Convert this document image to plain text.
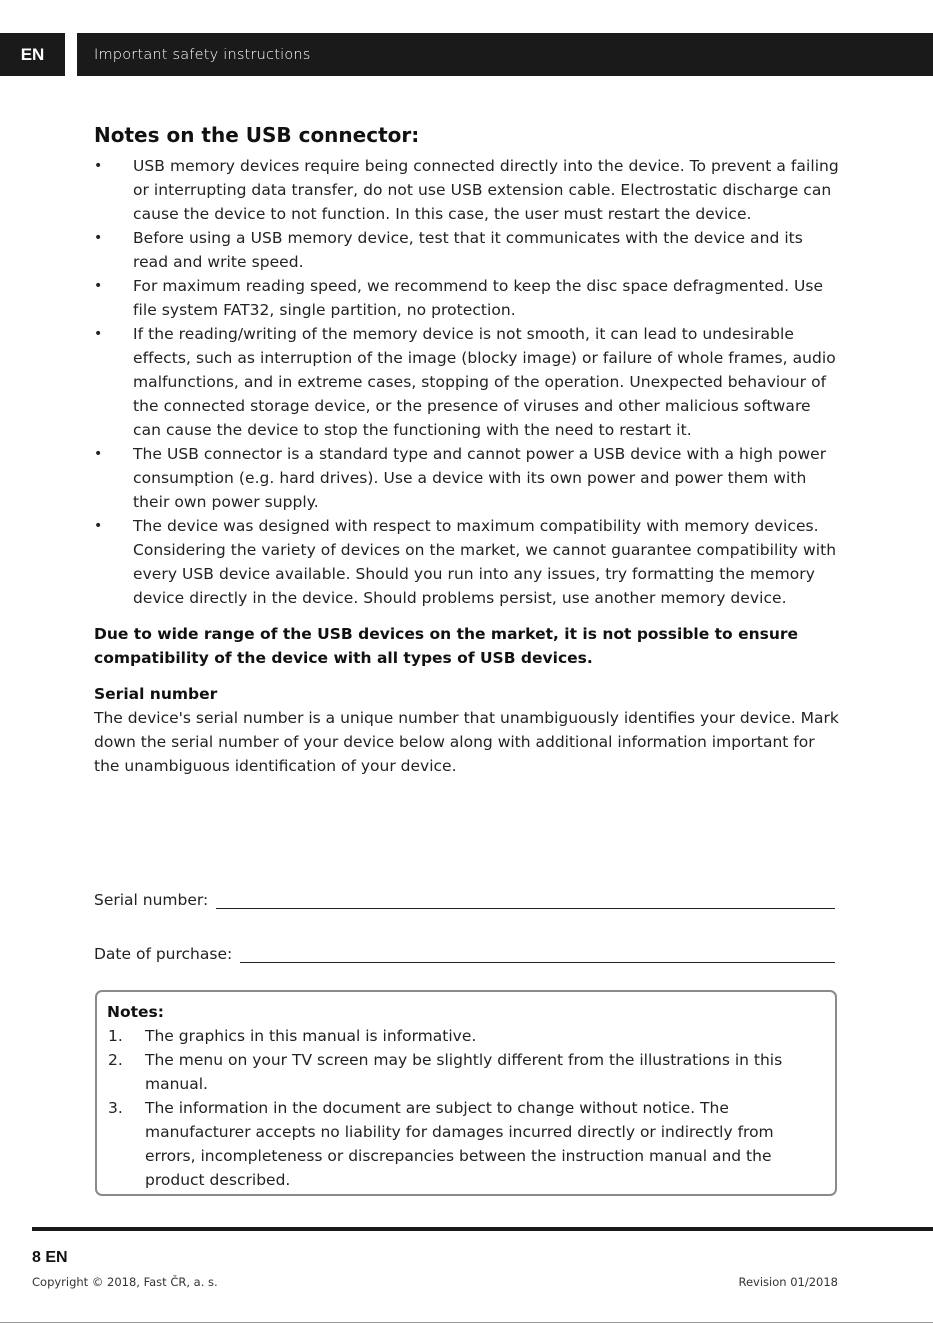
EN	Important safety instructions
Notes on the USB connector:
• USB memory devices require being connected directly into the device. To prevent a failing or interrupting data transfer, do not use USB extension cable. Electrostatic discharge can cause the device to not function. In this case, the user must restart the device.
• Before using a USB memory device, test that it communicates with the device and its read and write speed.
• For maximum reading speed, we recommend to keep the disc space defragmented. Use file system FAT32, single partition, no protection.
• If the reading/writing of the memory device is not smooth, it can lead to undesirable effects, such as interruption of the image (blocky image) or failure of whole frames, audio malfunctions, and in extreme cases, stopping of the operation. Unexpected behaviour of the connected storage device, or the presence of viruses and other malicious software can cause the device to stop the functioning with the need to restart it.
• The USB connector is a standard type and cannot power a USB device with a high power consumption (e.g. hard drives). Use a device with its own power and power them with their own power supply.
• The device was designed with respect to maximum compatibility with memory devices. Considering the variety of devices on the market, we cannot guarantee compatibility with every USB device available. Should you run into any issues, try formatting the memory device directly in the device. Should problems persist, use another memory device.

Due to wide range of the USB devices on the market, it is not possible to ensure compatibility of the device with all types of USB devices.

Serial number

The device's serial number is a unique number that unambiguously identifies your device. Mark down the serial number of your device below along with additional information important for the unambiguous identification of your device.

Serial number:
Date of purchase:
Notes:
1. The graphics in this manual is informative.
2. The menu on your TV screen may be slightly different from the illustrations in this manual.
3. The information in the document are subject to change without notice. The manufacturer accepts no liability for damages incurred directly or indirectly from errors, incompleteness or discrepancies between the instruction manual and the product described.
8 EN
Copyright © 2018, Fast ČR, a. s.	Revision 01/2018
